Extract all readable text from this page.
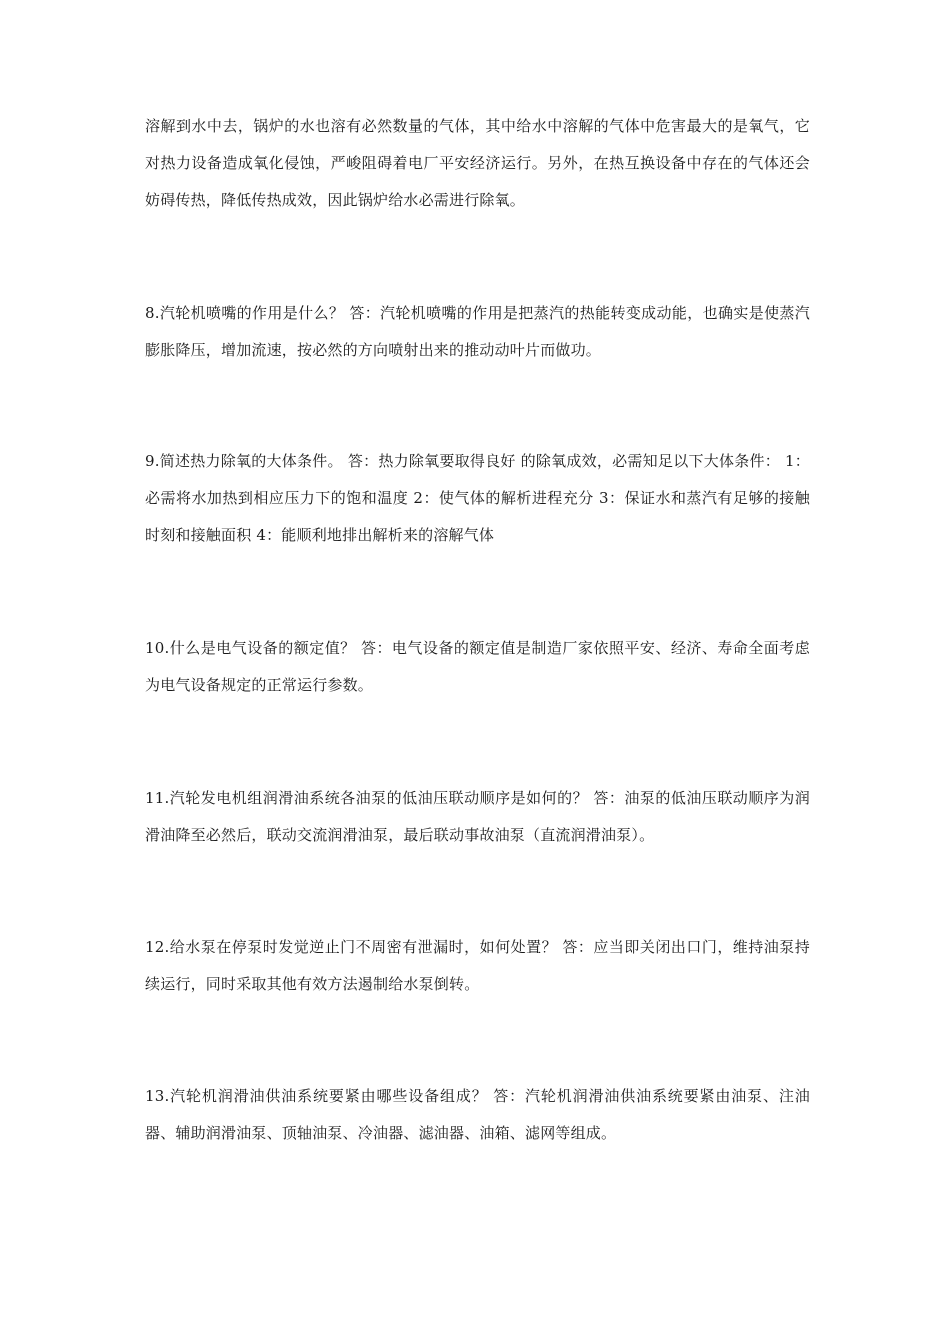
溶解到水中去，锅炉的水也溶有必然数量的气体，其中给水中溶解的气体中危害最大的是氧气，它对热力设备造成氧化侵蚀，严峻阻碍着电厂平安经济运行。另外，在热互换设备中存在的气体还会妨碍传热，降低传热成效，因此锅炉给水必需进行除氧。

8.汽轮机喷嘴的作用是什么？ 答：汽轮机喷嘴的作用是把蒸汽的热能转变成动能，也确实是使蒸汽膨胀降压，增加流速，按必然的方向喷射出来的推动动叶片而做功。

9.简述热力除氧的大体条件。 答：热力除氧要取得良好 的除氧成效，必需知足以下大体条件： 1：必需将水加热到相应压力下的饱和温度 2：使气体的解析进程充分 3：保证水和蒸汽有足够的接触时刻和接触面积 4：能顺利地排出解析来的溶解气体

10.什么是电气设备的额定值？ 答：电气设备的额定值是制造厂家依照平安、经济、寿命全面考虑为电气设备规定的正常运行参数。

11.汽轮发电机组润滑油系统各油泵的低油压联动顺序是如何的？ 答：油泵的低油压联动顺序为润滑油降至必然后，联动交流润滑油泵，最后联动事故油泵（直流润滑油泵）。

12.给水泵在停泵时发觉逆止门不周密有泄漏时，如何处置？ 答：应当即关闭出口门，维持油泵持续运行，同时采取其他有效方法遏制给水泵倒转。

13.汽轮机润滑油供油系统要紧由哪些设备组成？ 答：汽轮机润滑油供油系统要紧由油泵、注油器、辅助润滑油泵、顶轴油泵、冷油器、滤油器、油箱、滤网等组成。
